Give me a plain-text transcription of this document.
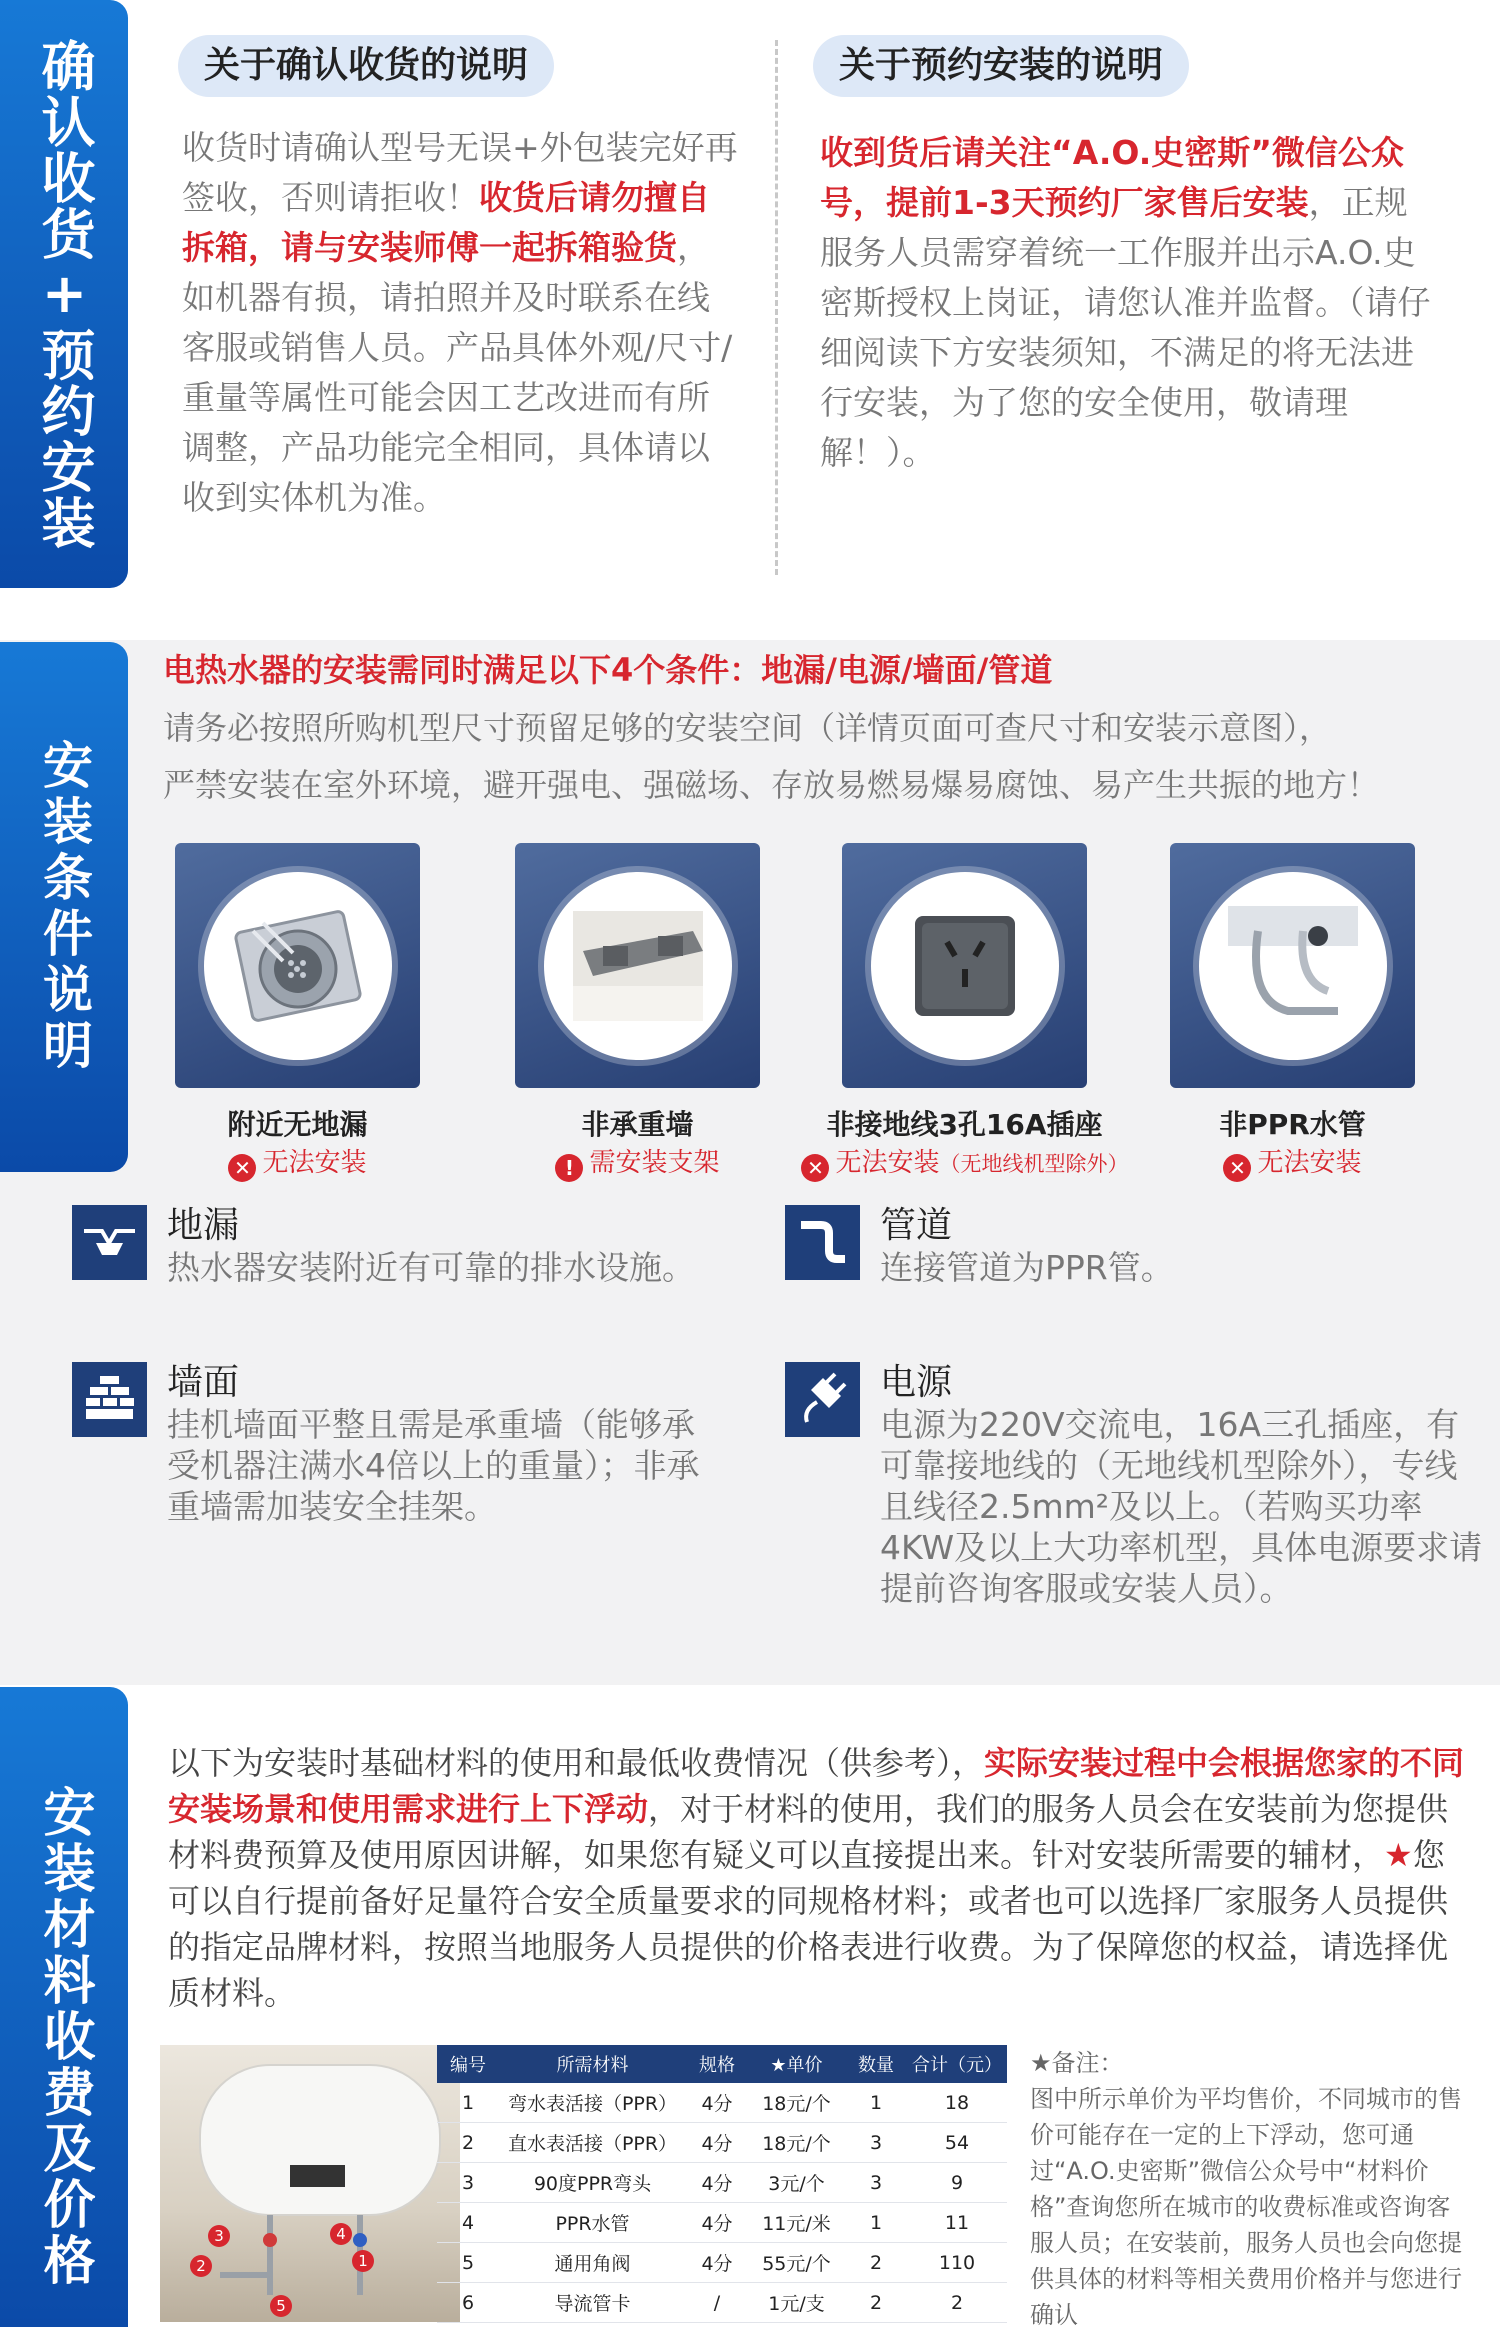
确认收货+预约安装	关于确认收货的说明
收货时请确认型号无误+外包装完好再签收，否则请拒收！收货后请勿擅自拆箱，请与安装师傅一起拆箱验货，如机器有损，请拍照并及时联系在线客服或销售人员。产品具体外观/尺寸/重量等属性可能会因工艺改进而有所调整，产品功能完全相同，具体请以收到实体机为准。
关于预约安装的说明
收到货后请关注“A.O.史密斯”微信公众号，提前1-3天预约厂家售后安装，正规服务人员需穿着统一工作服并出示A.O.史密斯授权上岗证，请您认准并监督。（请仔细阅读下方安装须知，不满足的将无法进行安装，为了您的安全使用，敬请理解！）。
安装条件说明
电热水器的安装需同时满足以下4个条件：地漏/电源/墙面/管道
请务必按照所购机型尺寸预留足够的安装空间（详情页面可查尺寸和安装示意图），
严禁安装在室外环境，避开强电、强磁场、存放易燃易爆易腐蚀、易产生共振的地方！
附近无地漏	非承重墙	非接地线3孔16A插座	非PPR水管
✕ 无法安装	! 需安装支架	✕ 无法安装（无地线机型除外）	✕ 无法安装
地漏
热水器安装附近有可靠的排水设施。
管道
连接管道为PPR管。
墙面
挂机墙面平整且需是承重墙（能够承受机器注满水4倍以上的重量）；非承重墙需加装安全挂架。
电源
电源为220V交流电，16A三孔插座，有可靠接地线的（无地线机型除外），专线且线径2.5mm²及以上。（若购买功率4KW及以上大功率机型，具体电源要求请提前咨询客服或安装人员）。
安装材料收费及价格
以下为安装时基础材料的使用和最低收费情况（供参考），实际安装过程中会根据您家的不同安装场景和使用需求进行上下浮动，对于材料的使用，我们的服务人员会在安装前为您提供材料费预算及使用原因讲解，如果您有疑义可以直接提出来。针对安装所需要的辅材，★您可以自行提前备好足量符合安全质量要求的同规格材料；或者也可以选择厂家服务人员提供的指定品牌材料，按照当地服务人员提供的价格表进行收费。为了保障您的权益，请选择优质材料。
3
2	1
4
5
编号	所需材料	规格	★单价	数量	合计（元）
1	弯水表活接（PPR）	4分	18元/个	1	18
2	直水表活接（PPR）	4分	18元/个	3	54
3	90度PPR弯头	4分	3元/个	3	9
4	PPR水管	4分	11元/米	1	11
5	通用角阀	4分	55元/个	2	110
6	导流管卡	/	1元/支	2	2
★备注：
图中所示单价为平均售价，不同城市的售价可能存在一定的上下浮动，您可通过“A.O.史密斯”微信公众号中“材料价格”查询您所在城市的收费标准或咨询客服人员；在安装前，服务人员也会向您提供具体的材料等相关费用价格并与您进行确认
